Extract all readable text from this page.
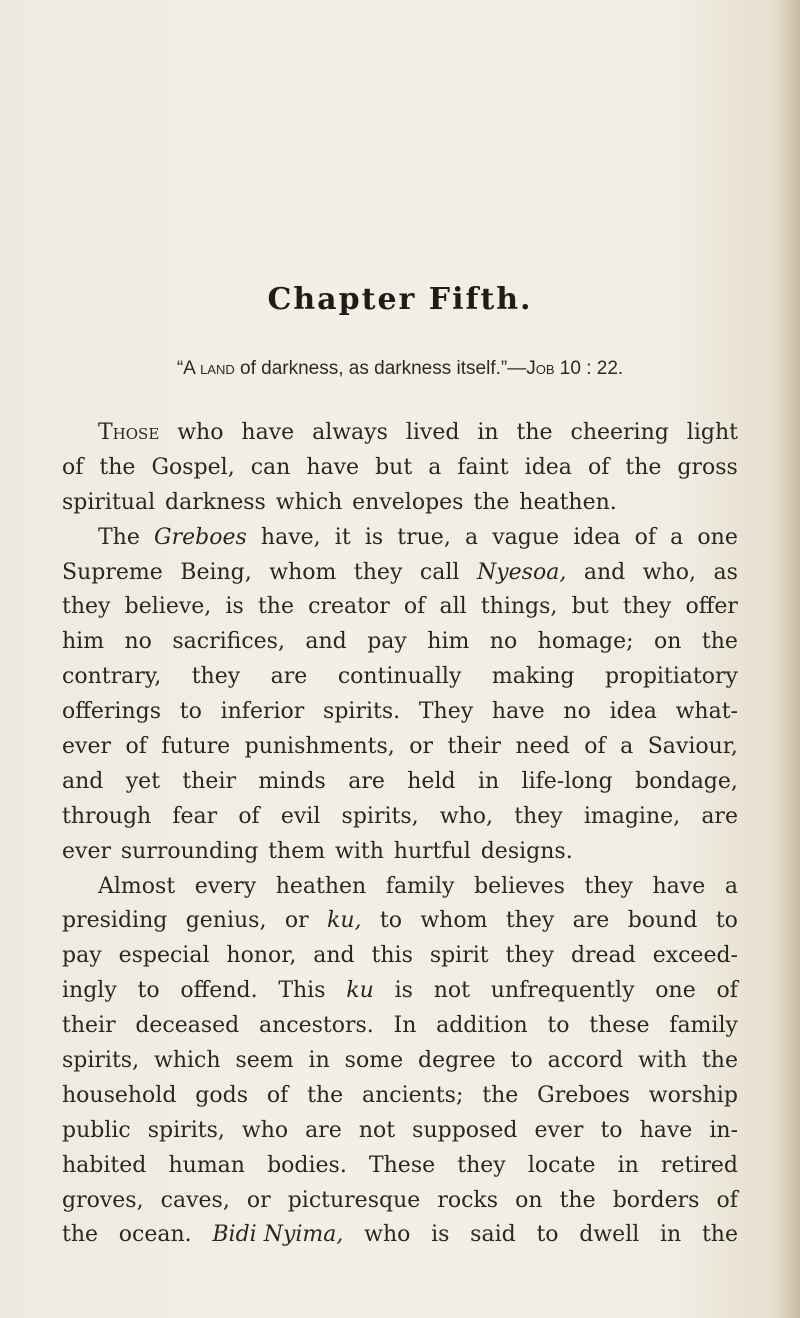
Chapter Fifth.
“A land of darkness, as darkness itself.”—Job 10 : 22.
Those who have always lived in the cheering light
of the Gospel, can have but a faint idea of the gross
spiritual darkness which envelopes the heathen.
The Greboes have, it is true, a vague idea of a one
Supreme Being, whom they call Nyesoa, and who, as
they believe, is the creator of all things, but they offer
him no sacrifices, and pay him no homage; on the
contrary, they are continually making propitiatory
offerings to inferior spirits. They have no idea what-
ever of future punishments, or their need of a Saviour,
and yet their minds are held in life-long bondage,
through fear of evil spirits, who, they imagine, are
ever surrounding them with hurtful designs.
Almost every heathen family believes they have a
presiding genius, or ku, to whom they are bound to
pay especial honor, and this spirit they dread exceed-
ingly to offend. This ku is not unfrequently one of
their deceased ancestors. In addition to these family
spirits, which seem in some degree to accord with the
household gods of the ancients; the Greboes worship
public spirits, who are not supposed ever to have in-
habited human bodies. These they locate in retired
groves, caves, or picturesque rocks on the borders of
the ocean. Bidi Nyima, who is said to dwell in the
